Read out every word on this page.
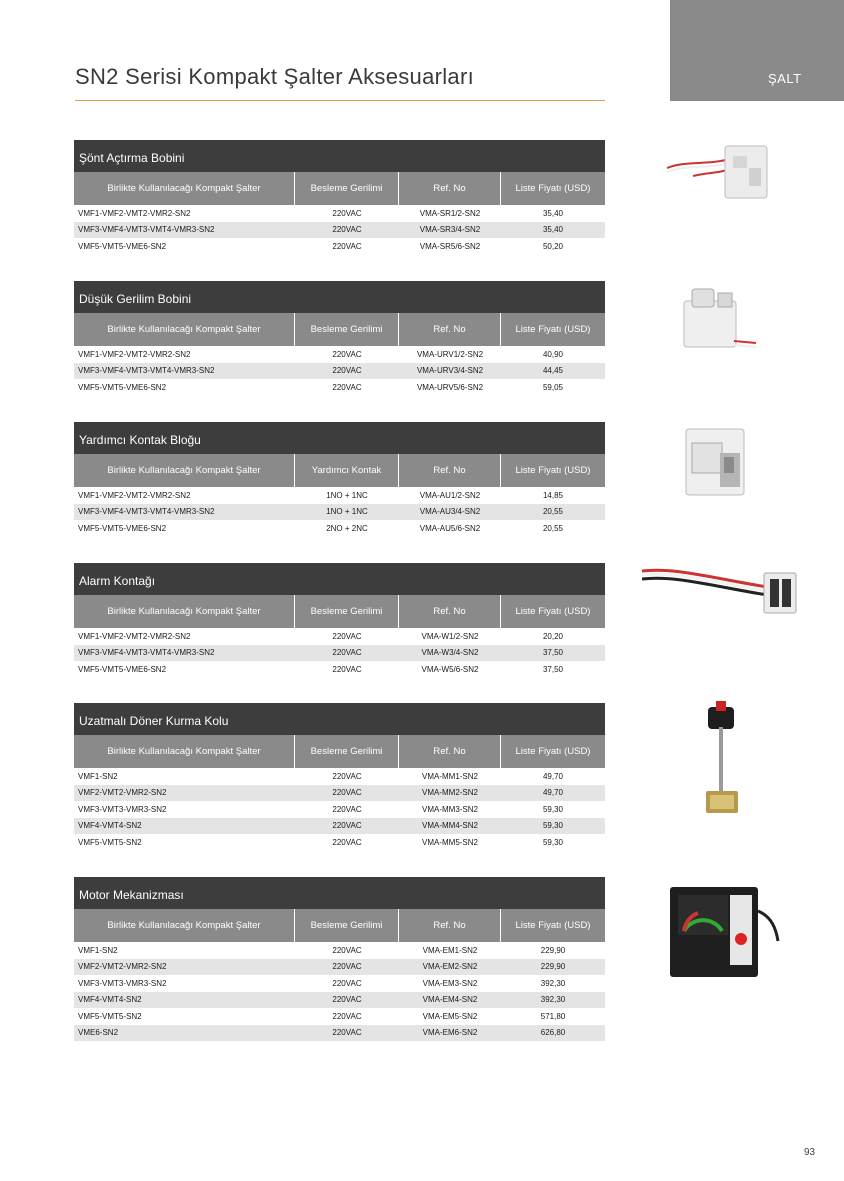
ŞALT
SN2 Serisi Kompakt Şalter Aksesuarları
Şönt Açtırma Bobini
Birlikte Kullanılacağı Kompakt Şalter	Besleme Gerilimi	Ref. No	Liste Fiyatı (USD)
VMF1-VMF2-VMT2-VMR2-SN2	220VAC	VMA-SR1/2-SN2	35,40
VMF3-VMF4-VMT3-VMT4-VMR3-SN2	220VAC	VMA-SR3/4-SN2	35,40
VMF5-VMT5-VME6-SN2	220VAC	VMA-SR5/6-SN2	50,20
Düşük Gerilim Bobini
Birlikte Kullanılacağı Kompakt Şalter	Besleme Gerilimi	Ref. No	Liste Fiyatı (USD)
VMF1-VMF2-VMT2-VMR2-SN2	220VAC	VMA-URV1/2-SN2	40,90
VMF3-VMF4-VMT3-VMT4-VMR3-SN2	220VAC	VMA-URV3/4-SN2	44,45
VMF5-VMT5-VME6-SN2	220VAC	VMA-URV5/6-SN2	59,05
Yardımcı Kontak Bloğu
Birlikte Kullanılacağı Kompakt Şalter	Yardımcı Kontak	Ref. No	Liste Fiyatı (USD)
VMF1-VMF2-VMT2-VMR2-SN2	1NO + 1NC	VMA-AU1/2-SN2	14,85
VMF3-VMF4-VMT3-VMT4-VMR3-SN2	1NO + 1NC	VMA-AU3/4-SN2	20,55
VMF5-VMT5-VME6-SN2	2NO + 2NC	VMA-AU5/6-SN2	20,55
Alarm Kontağı
Birlikte Kullanılacağı Kompakt Şalter	Besleme Gerilimi	Ref. No	Liste Fiyatı (USD)
VMF1-VMF2-VMT2-VMR2-SN2	220VAC	VMA-W1/2-SN2	20,20
VMF3-VMF4-VMT3-VMT4-VMR3-SN2	220VAC	VMA-W3/4-SN2	37,50
VMF5-VMT5-VME6-SN2	220VAC	VMA-W5/6-SN2	37,50
Uzatmalı Döner Kurma Kolu
Birlikte Kullanılacağı Kompakt Şalter	Besleme Gerilimi	Ref. No	Liste Fiyatı (USD)
VMF1-SN2	220VAC	VMA-MM1-SN2	49,70
VMF2-VMT2-VMR2-SN2	220VAC	VMA-MM2-SN2	49,70
VMF3-VMT3-VMR3-SN2	220VAC	VMA-MM3-SN2	59,30
VMF4-VMT4-SN2	220VAC	VMA-MM4-SN2	59,30
VMF5-VMT5-SN2	220VAC	VMA-MM5-SN2	59,30
Motor Mekanizması
Birlikte Kullanılacağı Kompakt Şalter	Besleme Gerilimi	Ref. No	Liste Fiyatı (USD)
VMF1-SN2	220VAC	VMA-EM1-SN2	229,90
VMF2-VMT2-VMR2-SN2	220VAC	VMA-EM2-SN2	229,90
VMF3-VMT3-VMR3-SN2	220VAC	VMA-EM3-SN2	392,30
VMF4-VMT4-SN2	220VAC	VMA-EM4-SN2	392,30
VMF5-VMT5-SN2	220VAC	VMA-EM5-SN2	571,80
VME6-SN2	220VAC	VMA-EM6-SN2	626,80
93
